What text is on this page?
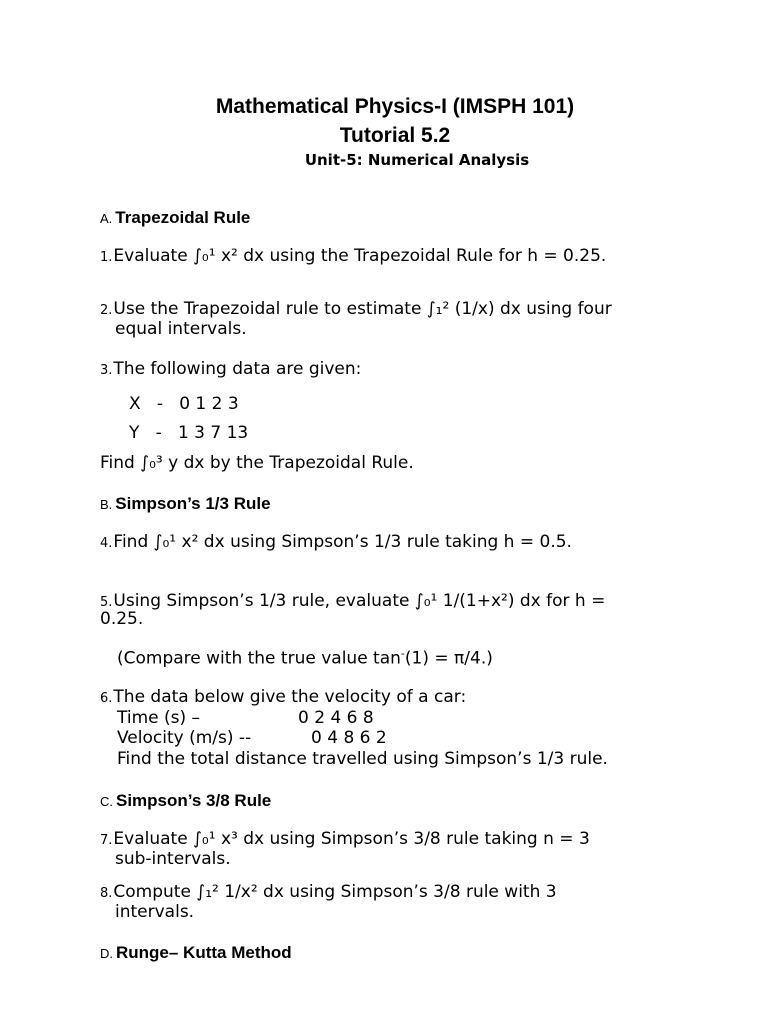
Mathematical Physics-I (IMSPH 101)
Tutorial 5.2
Unit-5: Numerical Analysis
A. Trapezoidal Rule
1.Evaluate ∫₀¹ x² dx using the Trapezoidal Rule for h = 0.25.
2.Use the Trapezoidal rule to estimate ∫₁² (1/x) dx using four
equal intervals.
3.The following data are given:
X   -   0 1 2 3
Y   -   1 3 7 13
Find ∫₀³ y dx by the Trapezoidal Rule.
B. Simpson’s 1/3 Rule
4.Find ∫₀¹ x² dx using Simpson’s 1/3 rule taking h = 0.5.
5.Using Simpson’s 1/3 rule, evaluate ∫₀¹ 1/(1+x²) dx for h =
0.25.
(Compare with the true value tan-(1) = π/4.)
6.The data below give the velocity of a car:
Time (s) –	0 2 4 6 8
Velocity (m/s) --	0 4 8 6 2
Find the total distance travelled using Simpson’s 1/3 rule.
C. Simpson’s 3/8 Rule
7.Evaluate ∫₀¹ x³ dx using Simpson’s 3/8 rule taking n = 3
sub-intervals.
8.Compute ∫₁² 1/x² dx using Simpson’s 3/8 rule with 3
intervals.
D. Runge– Kutta Method
